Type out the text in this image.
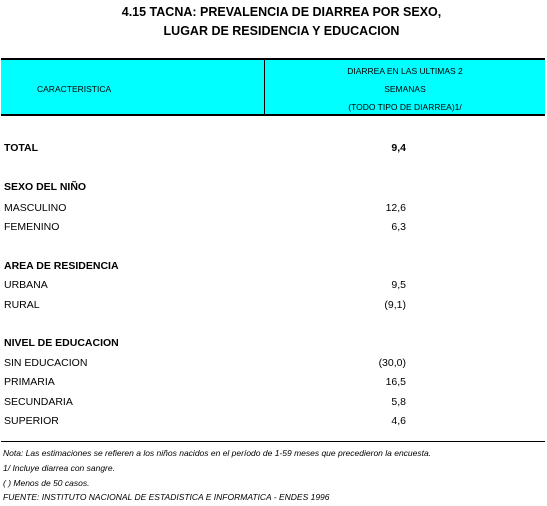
4.15 TACNA: PREVALENCIA DE DIARREA POR SEXO,
LUGAR DE RESIDENCIA Y EDUCACION
CARACTERISTICA
DIARREA EN LAS ULTIMAS 2
SEMANAS
(TODO TIPO DE DIARREA)1/
TOTAL	9,4
SEXO DEL NIÑO
MASCULINO	12,6
FEMENINO	6,3
AREA DE RESIDENCIA
URBANA	9,5
RURAL	(9,1)
NIVEL DE EDUCACION
SIN EDUCACION	(30,0)
PRIMARIA	16,5
SECUNDARIA	5,8
SUPERIOR	4,6
Nota: Las estimaciones se refieren a los niños nacidos en el período de 1-59 meses que precedieron la encuesta.
1/ Incluye diarrea con sangre.
( ) Menos de 50 casos.
FUENTE: INSTITUTO NACIONAL DE ESTADISTICA E INFORMATICA - ENDES 1996
